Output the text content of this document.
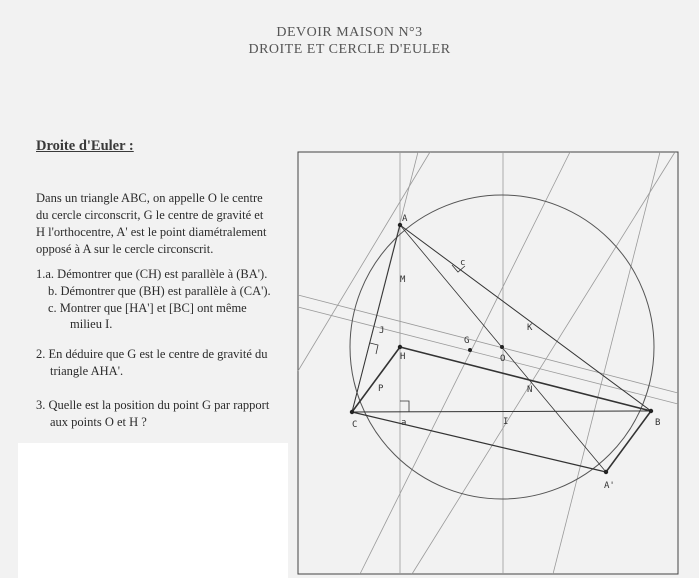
DEVOIR MAISON N°3
DROITE ET CERCLE D'EULER
Droite d'Euler :
Dans un triangle ABC, on appelle O le centre
du cercle circonscrit, G le centre de gravité et
H l'orthocentre, A' est le point diamétralement
opposé à A sur le cercle circonscrit.
1.a. Démontrer que (CH) est parallèle à (BA').
b. Démontrer que (BH) est parallèle à (CA').
c. Montrer que [HA'] et [BC] ont même
milieu I.
2. En déduire que G est le centre de gravité du
triangle AHA'.
3. Quelle est la position du point G par rapport
aux points O et H ?
A
B
C
H
G
O
I
M
N
P
J	K
A'
a
c
